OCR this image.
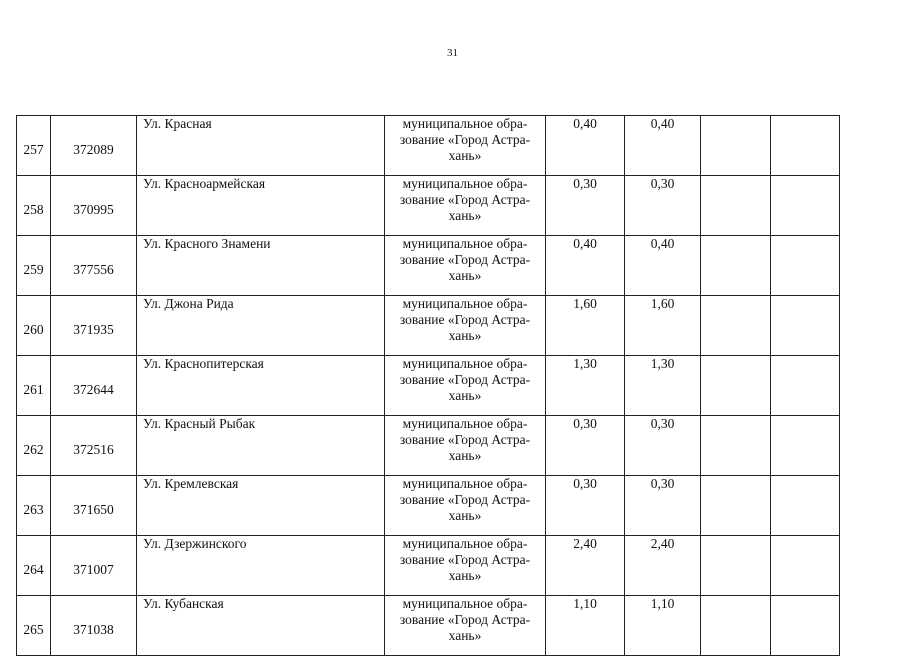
31
257	372089	Ул. Красная	муниципальное обра-
зование «Город Астра-
хань»	0,40	0,40		
258	370995	Ул. Красноармейская	муниципальное обра-
зование «Город Астра-
хань»	0,30	0,30		
259	377556	Ул. Красного Знамени	муниципальное обра-
зование «Город Астра-
хань»	0,40	0,40		
260	371935	Ул. Джона Рида	муниципальное обра-
зование «Город Астра-
хань»	1,60	1,60		
261	372644	Ул. Краснопитерская	муниципальное обра-
зование «Город Астра-
хань»	1,30	1,30		
262	372516	Ул. Красный Рыбак	муниципальное обра-
зование «Город Астра-
хань»	0,30	0,30		
263	371650	Ул. Кремлевская	муниципальное обра-
зование «Город Астра-
хань»	0,30	0,30		
264	371007	Ул. Дзержинского	муниципальное обра-
зование «Город Астра-
хань»	2,40	2,40		
265	371038	Ул. Кубанская	муниципальное обра-
зование «Город Астра-
хань»	1,10	1,10		
